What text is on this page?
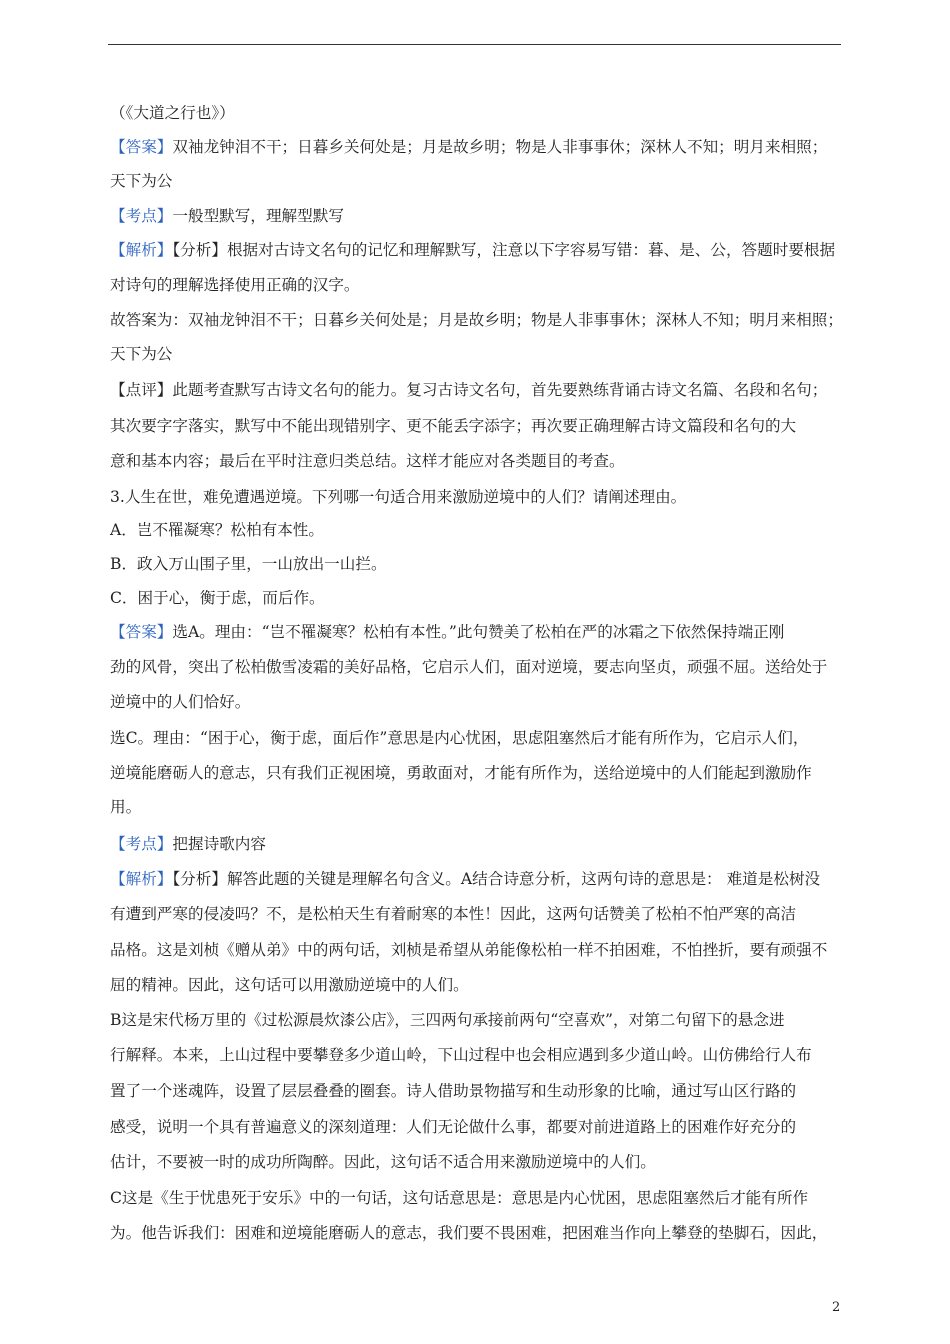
（《大道之行也》）
【答案】双袖龙钟泪不干；日暮乡关何处是；月是故乡明；物是人非事事休；深林人不知；明月来相照；
天下为公
【考点】一般型默写，理解型默写
【解析】【分析】根据对古诗文名句的记忆和理解默写，注意以下字容易写错：暮、是、公，答题时要根据
对诗句的理解选择使用正确的汉字。
故答案为：双袖龙钟泪不干；日暮乡关何处是；月是故乡明；物是人非事事休；深林人不知；明月来相照；
天下为公
【点评】此题考查默写古诗文名句的能力。复习古诗文名句，首先要熟练背诵古诗文名篇、名段和名句；
其次要字字落实，默写中不能出现错别字、更不能丢字添字；再次要正确理解古诗文篇段和名句的大
意和基本内容；最后在平时注意归类总结。这样才能应对各类题目的考查。
3.人生在世，难免遭遇逆境。下列哪一句适合用来激励逆境中的人们？请阐述理由。
A．岂不罹凝寒？松柏有本性。
B．政入万山围子里，一山放出一山拦。
C．困于心，衡于虑，而后作。
【答案】选A。理由：“岂不罹凝寒？松柏有本性。”此句赞美了松柏在严的冰霜之下依然保持端正刚
劲的风骨，突出了松柏傲雪凌霜的美好品格，它启示人们，面对逆境，要志向坚贞，顽强不屈。送给处于
逆境中的人们恰好。
选C。理由：“困于心，衡于虑，面后作”意思是内心忧困，思虑阻塞然后才能有所作为，它启示人们，
逆境能磨砺人的意志，只有我们正视困境，勇敢面对，才能有所作为，送给逆境中的人们能起到激励作
用。
【考点】把握诗歌内容
【解析】【分析】解答此题的关键是理解名句含义。A结合诗意分析，这两句诗的意思是： 难道是松树没
有遭到严寒的侵凌吗？不，是松柏天生有着耐寒的本性！因此，这两句话赞美了松柏不怕严寒的高洁
品格。这是刘桢《赠从弟》中的两句话，刘桢是希望从弟能像松柏一样不拍困难，不怕挫折，要有顽强不
屈的精神。因此，这句话可以用激励逆境中的人们。
B这是宋代杨万里的《过松源晨炊漆公店》，三四两句承接前两句“空喜欢”，对第二句留下的悬念进
行解释。本来，上山过程中要攀登多少道山岭，下山过程中也会相应遇到多少道山岭。山仿佛给行人布
置了一个迷魂阵，设置了层层叠叠的圈套。诗人借助景物描写和生动形象的比喻，通过写山区行路的
感受，说明一个具有普遍意义的深刻道理：人们无论做什么事，都要对前进道路上的困难作好充分的
估计，不要被一时的成功所陶醉。因此，这句话不适合用来激励逆境中的人们。
C这是《生于忧患死于安乐》中的一句话，这句话意思是：意思是内心忧困，思虑阻塞然后才能有所作
为。他告诉我们：困难和逆境能磨砺人的意志，我们要不畏困难，把困难当作向上攀登的垫脚石，因此，
2
